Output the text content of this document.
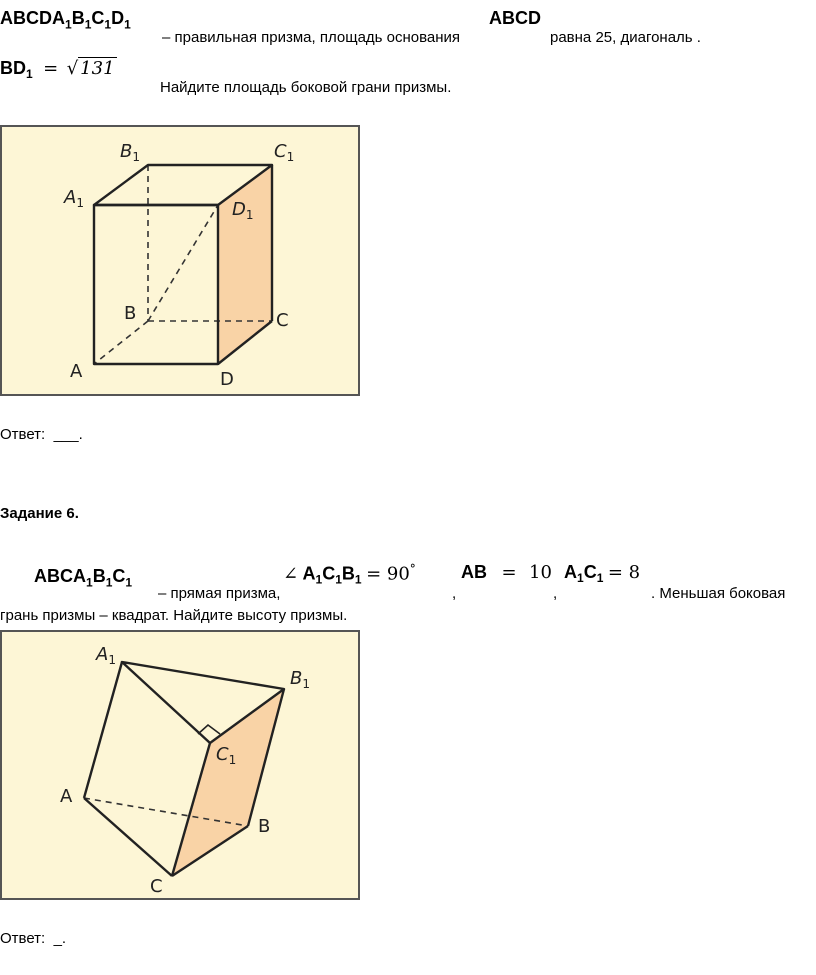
$ABCDA_1B_1C_1D_1$
– правильная призма, площадь основания
ABCD
равна 25, диагональ .
$BD_1$ = √ 131
Найдите площадь боковой грани призмы.
$B_1$	$C_1$
$A_1$	$D_1$
B	C
A	D
Ответ: ___.
Задание 6.
$ABCA_1B_1C_1$
– прямая призма,
∠ $A_1C_1B_1 = 90^\circ$
,
AB = 10
,
$A_1C_1 = 8$
. Меньшая боковая
грань призмы – квадрат. Найдите высоту призмы.
$A_1$
$B_1$
$C_1$
A
B
C
Ответ: _.
